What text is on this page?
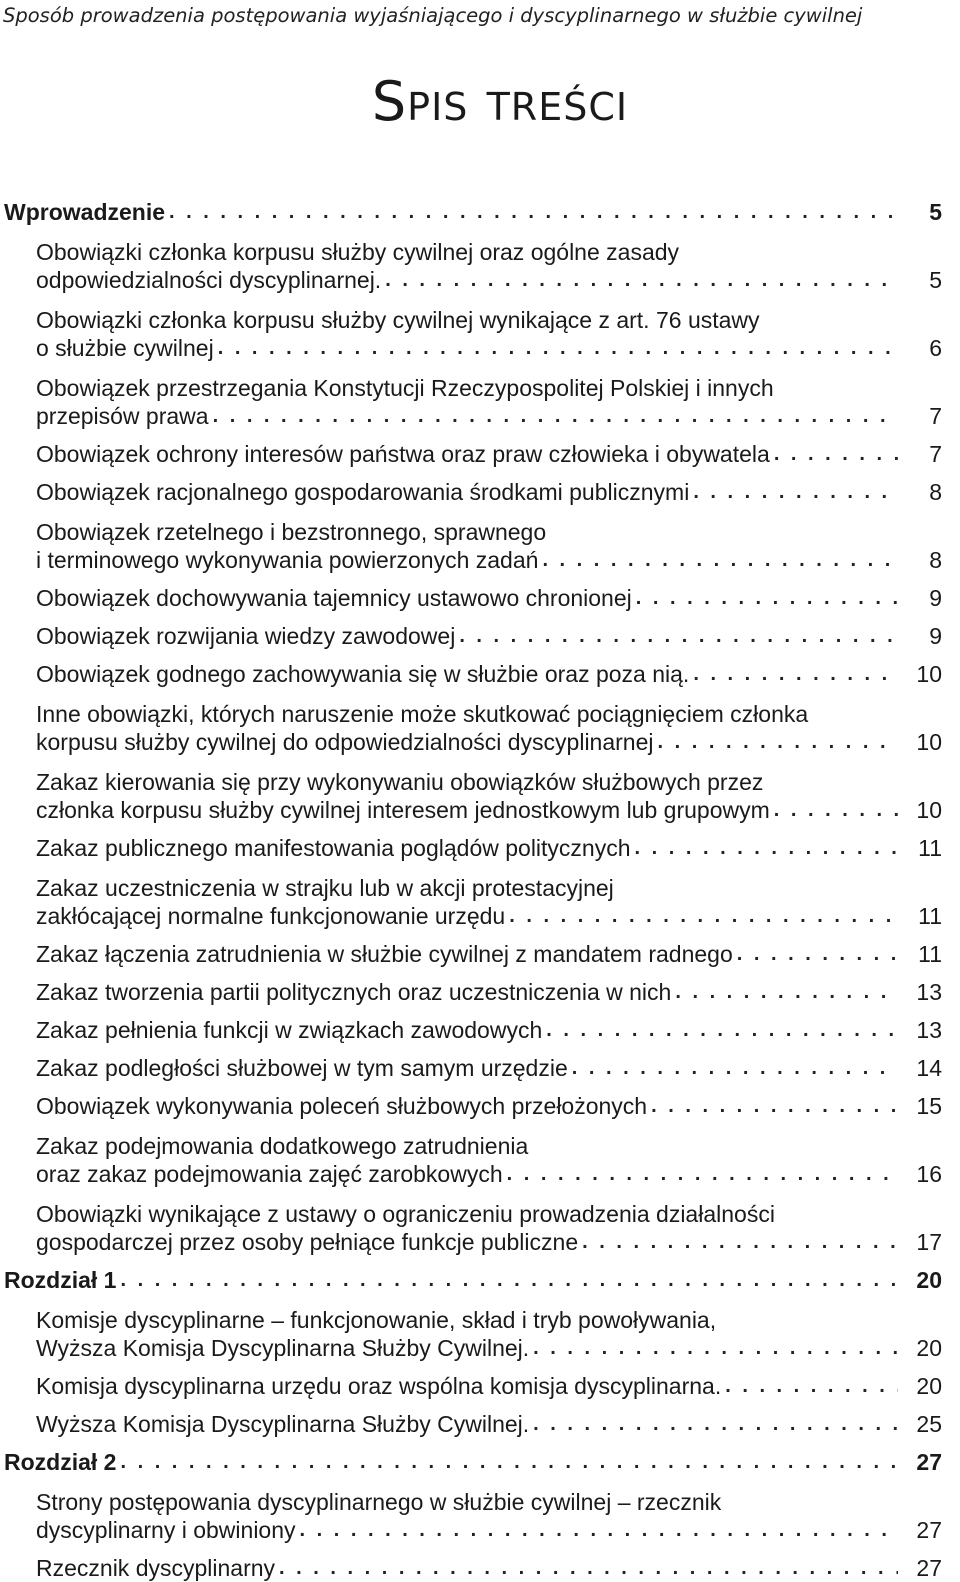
Sposób prowadzenia postępowania wyjaśniającego i dyscyplinarnego w służbie cywilnej
Spis treści
Wprowadzenie . . .	5
Obowiązki członka korpusu służby cywilnej oraz ogólne zasady
odpowiedzialności dyscyplinarnej. . . .	5
Obowiązki członka korpusu służby cywilnej wynikające z art. 76 ustawy
o służbie cywilnej . . .	6
Obowiązek przestrzegania Konstytucji Rzeczypospolitej Polskiej i innych
przepisów prawa . . .	7
Obowiązek ochrony interesów państwa oraz praw człowieka i obywatela . . .	7
Obowiązek racjonalnego gospodarowania środkami publicznymi . . .	8
Obowiązek rzetelnego i bezstronnego, sprawnego
i terminowego wykonywania powierzonych zadań . . .	8
Obowiązek dochowywania tajemnicy ustawowo chronionej . . .	9
Obowiązek rozwijania wiedzy zawodowej . . .	9
Obowiązek godnego zachowywania się w służbie oraz poza nią. . . .	10
Inne obowiązki, których naruszenie może skutkować pociągnięciem członka
korpusu służby cywilnej do odpowiedzialności dyscyplinarnej . . .	10
Zakaz kierowania się przy wykonywaniu obowiązków służbowych przez
członka korpusu służby cywilnej interesem jednostkowym lub grupowym . . .	10
Zakaz publicznego manifestowania poglądów politycznych . . .	11
Zakaz uczestniczenia w strajku lub w akcji protestacyjnej
zakłócającej normalne funkcjonowanie urzędu . . .	11
Zakaz łączenia zatrudnienia w służbie cywilnej z mandatem radnego . . .	11
Zakaz tworzenia partii politycznych oraz uczestniczenia w nich . . .	13
Zakaz pełnienia funkcji w związkach zawodowych . . .	13
Zakaz podległości służbowej w tym samym urzędzie . . .	14
Obowiązek wykonywania poleceń służbowych przełożonych . . .	15
Zakaz podejmowania dodatkowego zatrudnienia
oraz zakaz podejmowania zajęć zarobkowych . . .	16
Obowiązki wynikające z ustawy o ograniczeniu prowadzenia działalności
gospodarczej przez osoby pełniące funkcje publiczne . . .	17
Rozdział 1 . . .	20
Komisje dyscyplinarne – funkcjonowanie, skład i tryb powoływania,
Wyższa Komisja Dyscyplinarna Służby Cywilnej. . . .	20
Komisja dyscyplinarna urzędu oraz wspólna komisja dyscyplinarna. . . .	20
Wyższa Komisja Dyscyplinarna Służby Cywilnej. . . .	25
Rozdział 2 . . .	27
Strony postępowania dyscyplinarnego w służbie cywilnej – rzecznik
dyscyplinarny i obwiniony . . .	27
Rzecznik dyscyplinarny . . .	27
